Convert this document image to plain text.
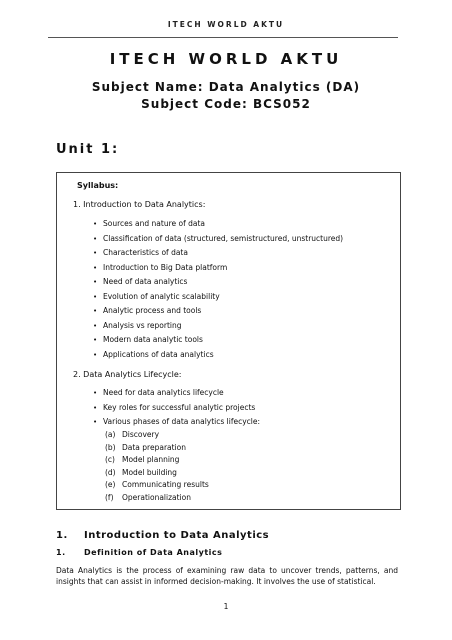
ITECH WORLD AKTU
ITECH WORLD AKTU
Subject Name: Data Analytics (DA)
Subject Code: BCS052
Unit 1:
Syllabus:
1. Introduction to Data Analytics:
• Sources and nature of data
• Classification of data (structured, semistructured, unstructured)
• Characteristics of data
• Introduction to Big Data platform
• Need of data analytics
• Evolution of analytic scalability
• Analytic process and tools
• Analysis vs reporting
• Modern data analytic tools
• Applications of data analytics
2. Data Analytics Lifecycle:
• Need for data analytics lifecycle
• Key roles for successful analytic projects
• Various phases of data analytics lifecycle:
(a) Discovery
(b) Data preparation
(c) Model planning
(d) Model building
(e) Communicating results
(f) Operationalization
1. Introduction to Data Analytics
1. Definition of Data Analytics

Data Analytics is the process of examining raw data to uncover trends, patterns, and insights that can assist in informed decision-making. It involves the use of statistical.

1
